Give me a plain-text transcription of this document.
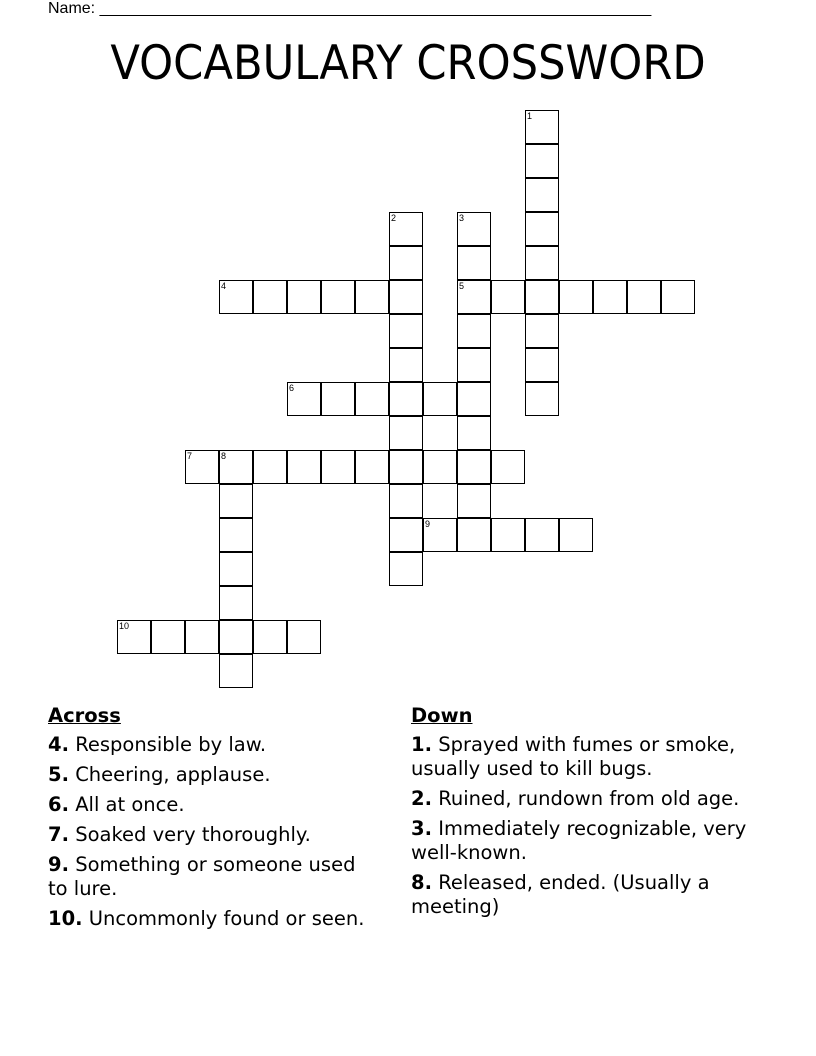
Name: ______________________________________________________________
VOCABULARY CROSSWORD
1
2	3
5
4
6
7	8
9
10
Across
4. Responsible by law.
5. Cheering, applause.
6. All at once.
7. Soaked very thoroughly.
9. Something or someone used to lure.
10. Uncommonly found or seen.
Down
1. Sprayed with fumes or smoke, usually used to kill bugs.
2. Ruined, rundown from old age.
3. Immediately recognizable, very well-known.
8. Released, ended. (Usually a meeting)
